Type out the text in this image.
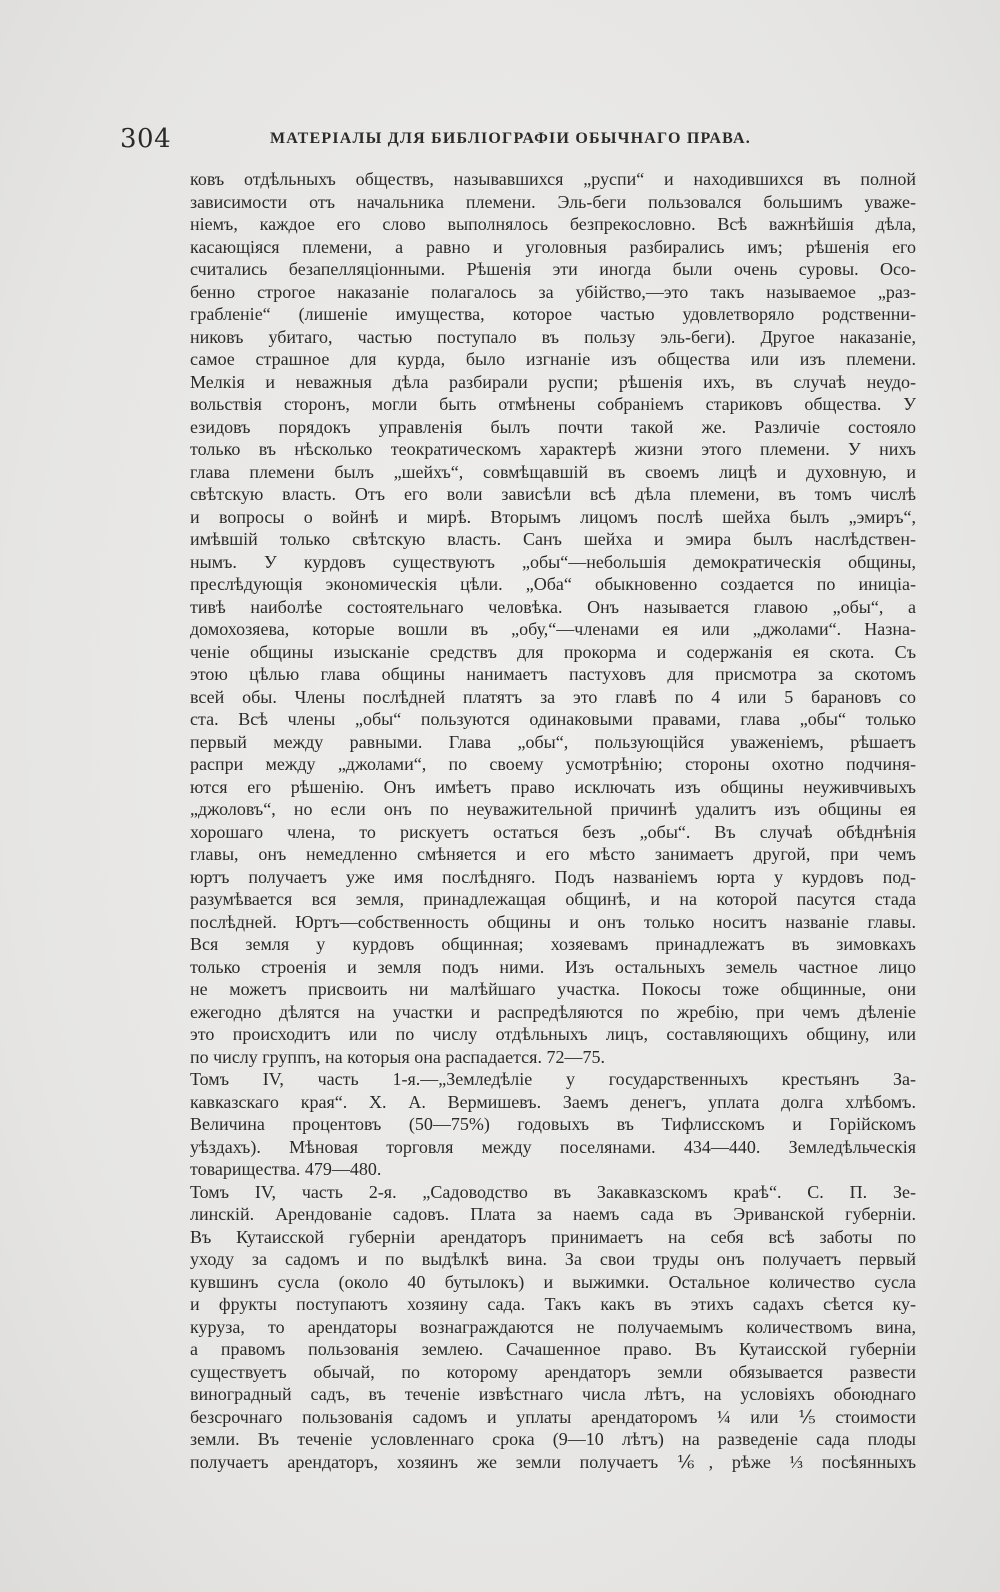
304	МАТЕРІАЛЫ ДЛЯ БИБЛІОГРАФІИ ОБЫЧНАГО ПРАВА.
ковъ отдѣльныхъ обществъ, называвшихся „руспи“ и находившихся въ полной
зависимости отъ начальника племени. Эль-беги пользовался большимъ уваже-
ніемъ, каждое его слово выполнялось безпрекословно. Всѣ важнѣйшія дѣла,
касающіяся племени, а равно и уголовныя разбирались имъ; рѣшенія его
считались безапелляціонными. Рѣшенія эти иногда были очень суровы. Осо-
бенно строгое наказаніе полагалось за убійство,—это такъ называемое „раз-
грабленіе“ (лишеніе имущества, которое частью удовлетворяло родственни-
никовъ убитаго, частью поступало въ пользу эль-беги). Другое наказаніе,
самое страшное для курда, было изгнаніе изъ общества или изъ племени.
Мелкія и неважныя дѣла разбирали руспи; рѣшенія ихъ, въ случаѣ неудо-
вольствія сторонъ, могли быть отмѣнены собраніемъ стариковъ общества. У
езидовъ порядокъ управленія былъ почти такой же. Различіе состояло
только въ нѣсколько теократическомъ характерѣ жизни этого племени. У нихъ
глава племени былъ „шейхъ“, совмѣщавшій въ своемъ лицѣ и духовную, и
свѣтскую власть. Отъ его воли зависѣли всѣ дѣла племени, въ томъ числѣ
и вопросы о войнѣ и мирѣ. Вторымъ лицомъ послѣ шейха былъ „эмиръ“,
имѣвшій только свѣтскую власть. Санъ шейха и эмира былъ наслѣдствен-
нымъ. У курдовъ существуютъ „обы“—небольшія демократическія общины,
преслѣдующія экономическія цѣли. „Оба“ обыкновенно создается по иниціа-
тивѣ наиболѣе состоятельнаго человѣка. Онъ называется главою „обы“, а
домохозяева, которые вошли въ „обу,“—членами ея или „джолами“. Назна-
ченіе общины изысканіе средствъ для прокорма и содержанія ея скота. Съ
этою цѣлью глава общины нанимаетъ пастуховъ для присмотра за скотомъ
всей обы. Члены послѣдней платятъ за это главѣ по 4 или 5 барановъ со
ста. Всѣ члены „обы“ пользуются одинаковыми правами, глава „обы“ только
первый между равными. Глава „обы“, пользующійся уваженіемъ, рѣшаетъ
распри между „джолами“, по своему усмотрѣнію; стороны охотно подчиня-
ются его рѣшенію. Онъ имѣетъ право исключать изъ общины неуживчивыхъ
„джоловъ“, но если онъ по неуважительной причинѣ удалитъ изъ общины ея
хорошаго члена, то рискуетъ остаться безъ „обы“. Въ случаѣ обѣднѣнія
главы, онъ немедленно смѣняется и его мѣсто занимаетъ другой, при чемъ
юртъ получаетъ уже имя послѣдняго. Подъ названіемъ юрта у курдовъ под-
разумѣвается вся земля, принадлежащая общинѣ, и на которой пасутся стада
послѣдней. Юртъ—собственность общины и онъ только носитъ названіе главы.
Вся земля у курдовъ общинная; хозяевамъ принадлежатъ въ зимовкахъ
только строенія и земля подъ ними. Изъ остальныхъ земель частное лицо
не можетъ присвоить ни малѣйшаго участка. Покосы тоже общинные, они
ежегодно дѣлятся на участки и распредѣляются по жребію, при чемъ дѣленіе
это происходитъ или по числу отдѣльныхъ лицъ, составляющихъ общину, или
по числу группъ, на которыя она распадается. 72—75.
Томъ IV, часть 1-я.—„Земледѣліе у государственныхъ крестьянъ За-
кавказскаго края“. Х. А. Вермишевъ. Заемъ денегъ, уплата долга хлѣбомъ.
Величина процентовъ (50—75%) годовыхъ въ Тифлисскомъ и Горійскомъ
уѣздахъ). Мѣновая торговля между поселянами. 434—440. Земледѣльческія
товарищества. 479—480.
Томъ IV, часть 2-я. „Садоводство въ Закавказскомъ краѣ“. С. П. Зе-
линскій. Арендованіе садовъ. Плата за наемъ сада въ Эриванской губерніи.
Въ Кутаисской губерніи арендаторъ принимаетъ на себя всѣ заботы по
уходу за садомъ и по выдѣлкѣ вина. За свои труды онъ получаетъ первый
кувшинъ сусла (около 40 бутылокъ) и выжимки. Остальное количество сусла
и фрукты поступаютъ хозяину сада. Такъ какъ въ этихъ садахъ сѣется ку-
куруза, то арендаторы вознаграждаются не получаемымъ количествомъ вина,
а правомъ пользованія землею. Сачашенное право. Въ Кутаисской губерніи
существуетъ обычай, по которому арендаторъ земли обязывается развести
виноградный садъ, въ теченіе извѣстнаго числа лѣтъ, на условіяхъ обоюднаго
безсрочнаго пользованія садомъ и уплаты арендаторомъ ¼ или ⅕ стоимости
земли. Въ теченіе условленнаго срока (9—10 лѣтъ) на разведеніе сада плоды
получаетъ арендаторъ, хозяинъ же земли получаетъ ⅙, рѣже ⅓ посѣянныхъ
